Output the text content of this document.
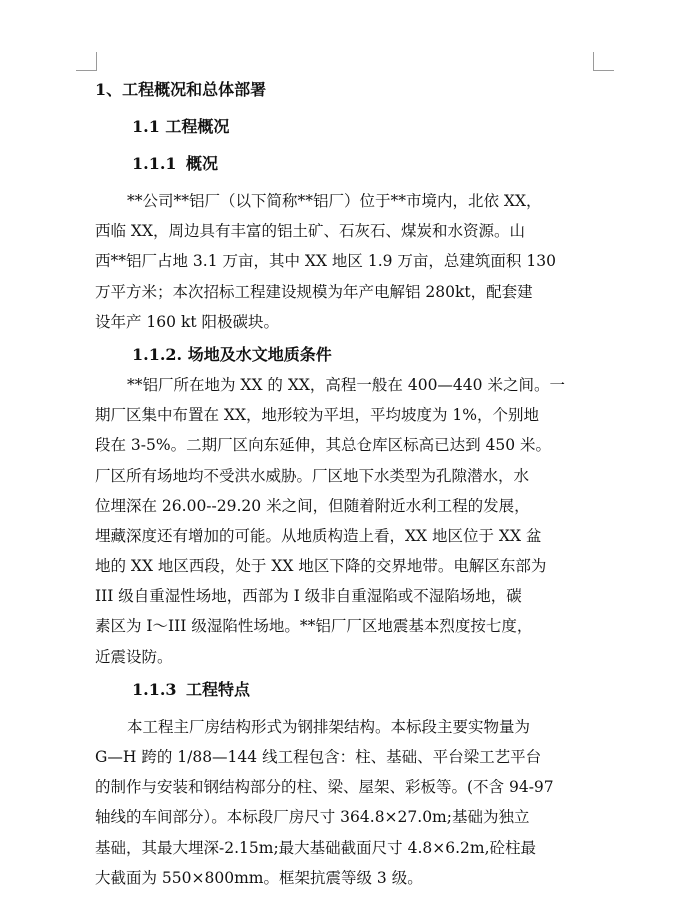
1、工程概况和总体部署
1.1 工程概况
1.1.1 概况
**公司**铝厂（以下简称**铝厂）位于**市境内，北依 XX，
西临 XX，周边具有丰富的铝土矿、石灰石、煤炭和水资源。山
西**铝厂占地 3.1 万亩，其中 XX 地区 1.9 万亩，总建筑面积 130
万平方米；本次招标工程建设规模为年产电解铝 280kt，配套建
设年产 160 kt 阳极碳块。
1.1.2. 场地及水文地质条件
**铝厂所在地为 XX 的 XX，高程一般在 400—440 米之间。一
期厂区集中布置在 XX，地形较为平坦，平均坡度为 1%，个别地
段在 3-5%。二期厂区向东延伸，其总仓库区标高已达到 450 米。
厂区所有场地均不受洪水威胁。厂区地下水类型为孔隙潜水，水
位埋深在 26.00--29.20 米之间，但随着附近水利工程的发展，
埋藏深度还有增加的可能。从地质构造上看，XX 地区位于 XX 盆
地的 XX 地区西段，处于 XX 地区下降的交界地带。电解区东部为
III 级自重湿性场地，西部为 I 级非自重湿陷或不湿陷场地，碳
素区为 I～III 级湿陷性场地。**铝厂厂区地震基本烈度按七度，
近震设防。
1.1.3 工程特点
本工程主厂房结构形式为钢排架结构。本标段主要实物量为
G—H 跨的 1/88—144 线工程包含：柱、基础、平台梁工艺平台
的制作与安装和钢结构部分的柱、梁、屋架、彩板等。(不含 94-97
轴线的车间部分）。本标段厂房尺寸 364.8×27.0m;基础为独立
基础，其最大埋深-2.15m;最大基础截面尺寸 4.8×6.2m,砼柱最
大截面为 550×800mm。框架抗震等级 3 级。
